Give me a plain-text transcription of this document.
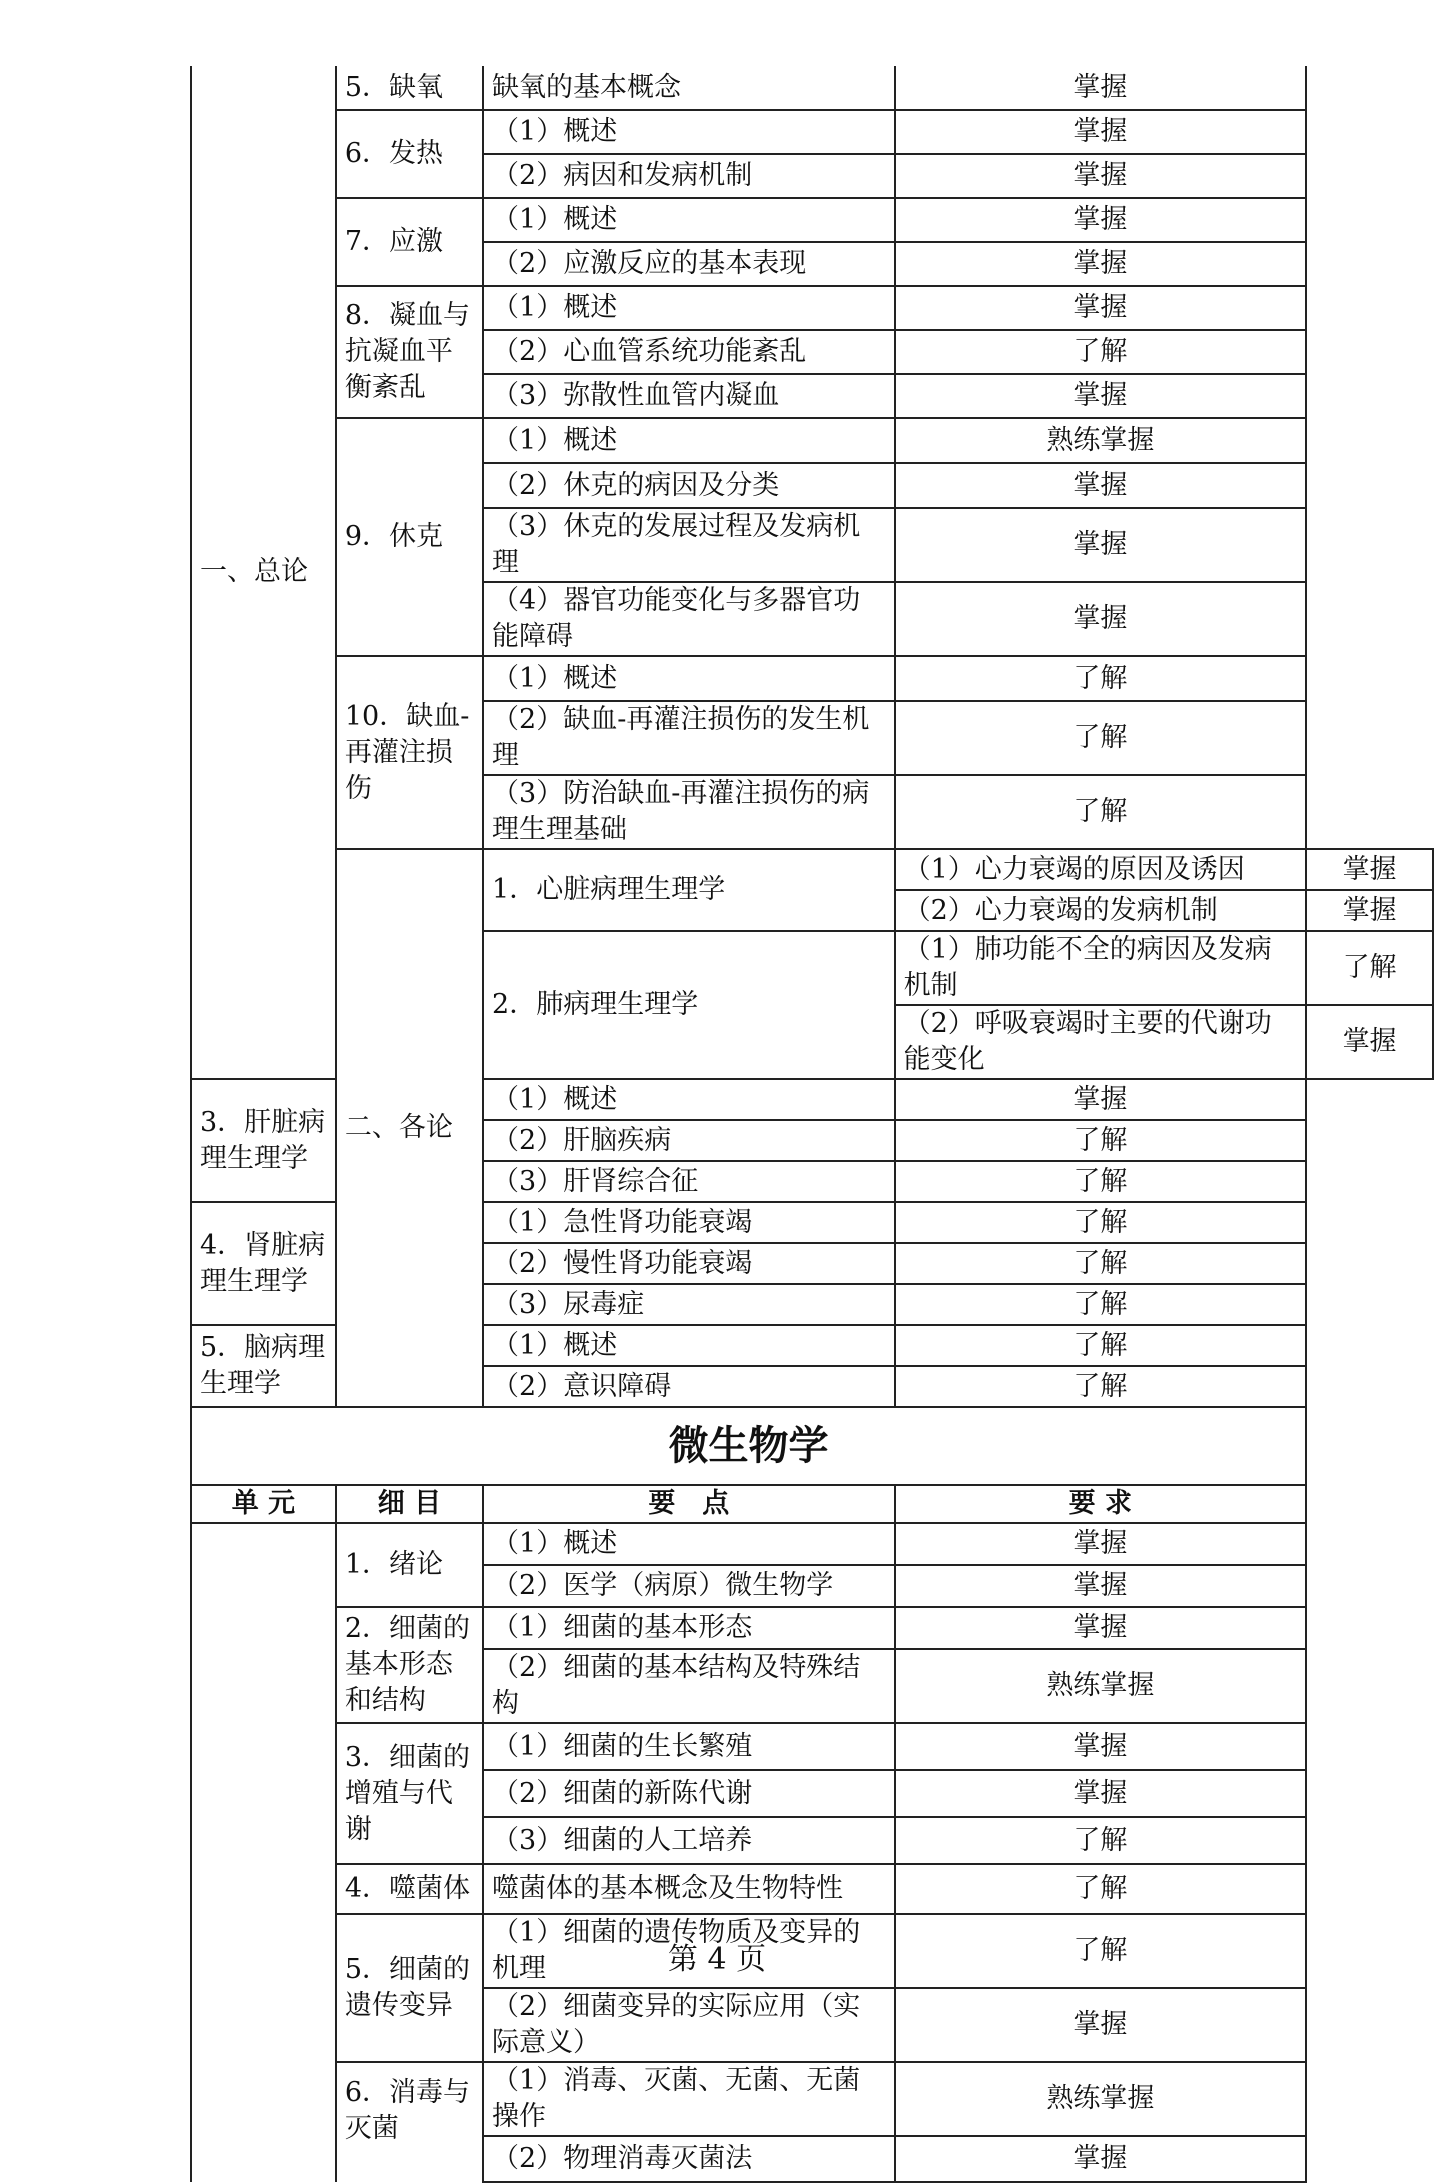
一、总论	5．缺氧	缺氧的基本概念	掌握	
	6．发热	（1）概述	掌握	
		（2）病因和发病机制	掌握	
	7．应激	（1）概述	掌握	
		（2）应激反应的基本表现	掌握	
	8．凝血与抗凝血平衡紊乱	（1）概述	掌握	
		（2）心血管系统功能紊乱	了解	
		（3）弥散性血管内凝血	掌握	
	9．休克	（1）概述	熟练掌握	
		（2）休克的病因及分类	掌握	
		（3）休克的发展过程及发病机理	掌握	
		（4）器官功能变化与多器官功能障碍	掌握	
	10．缺血-再灌注损伤	（1）概述	了解	
		（2）缺血-再灌注损伤的发生机理	了解	
		（3）防治缺血-再灌注损伤的病理生理基础	了解	
	二、各论	1．心脏病理生理学	（1）心力衰竭的原因及诱因	掌握
			（2）心力衰竭的发病机制	掌握
		2．肺病理生理学	（1）肺功能不全的病因及发病机制	了解
			（2）呼吸衰竭时主要的代谢功能变化	掌握
3．肝脏病理生理学		（1）概述	掌握	
		（2）肝脑疾病	了解	
		（3）肝肾综合征	了解	
4．肾脏病理生理学		（1）急性肾功能衰竭	了解	
		（2）慢性肾功能衰竭	了解	
		（3）尿毒症	了解	
5．脑病理生理学		（1）概述	了解	
		（2）意识障碍	了解	
微生物学				
单 元	细 目	要　点	要 求	
	1．绪论	（1）概述	掌握	
		（2）医学（病原）微生物学	掌握	
	2．细菌的基本形态和结构	（1）细菌的基本形态	掌握	
		（2）细菌的基本结构及特殊结构	熟练掌握	
	3．细菌的增殖与代谢	（1）细菌的生长繁殖	掌握	
		（2）细菌的新陈代谢	掌握	
		（3）细菌的人工培养	了解	
	4．噬菌体	噬菌体的基本概念及生物特性	了解	
	5．细菌的遗传变异	（1）细菌的遗传物质及变异的机理	了解	
		（2）细菌变异的实际应用（实际意义）	掌握	
	6．消毒与灭菌	（1）消毒、灭菌、无菌、无菌操作	熟练掌握	
		（2）物理消毒灭菌法	掌握	
第 4 页
